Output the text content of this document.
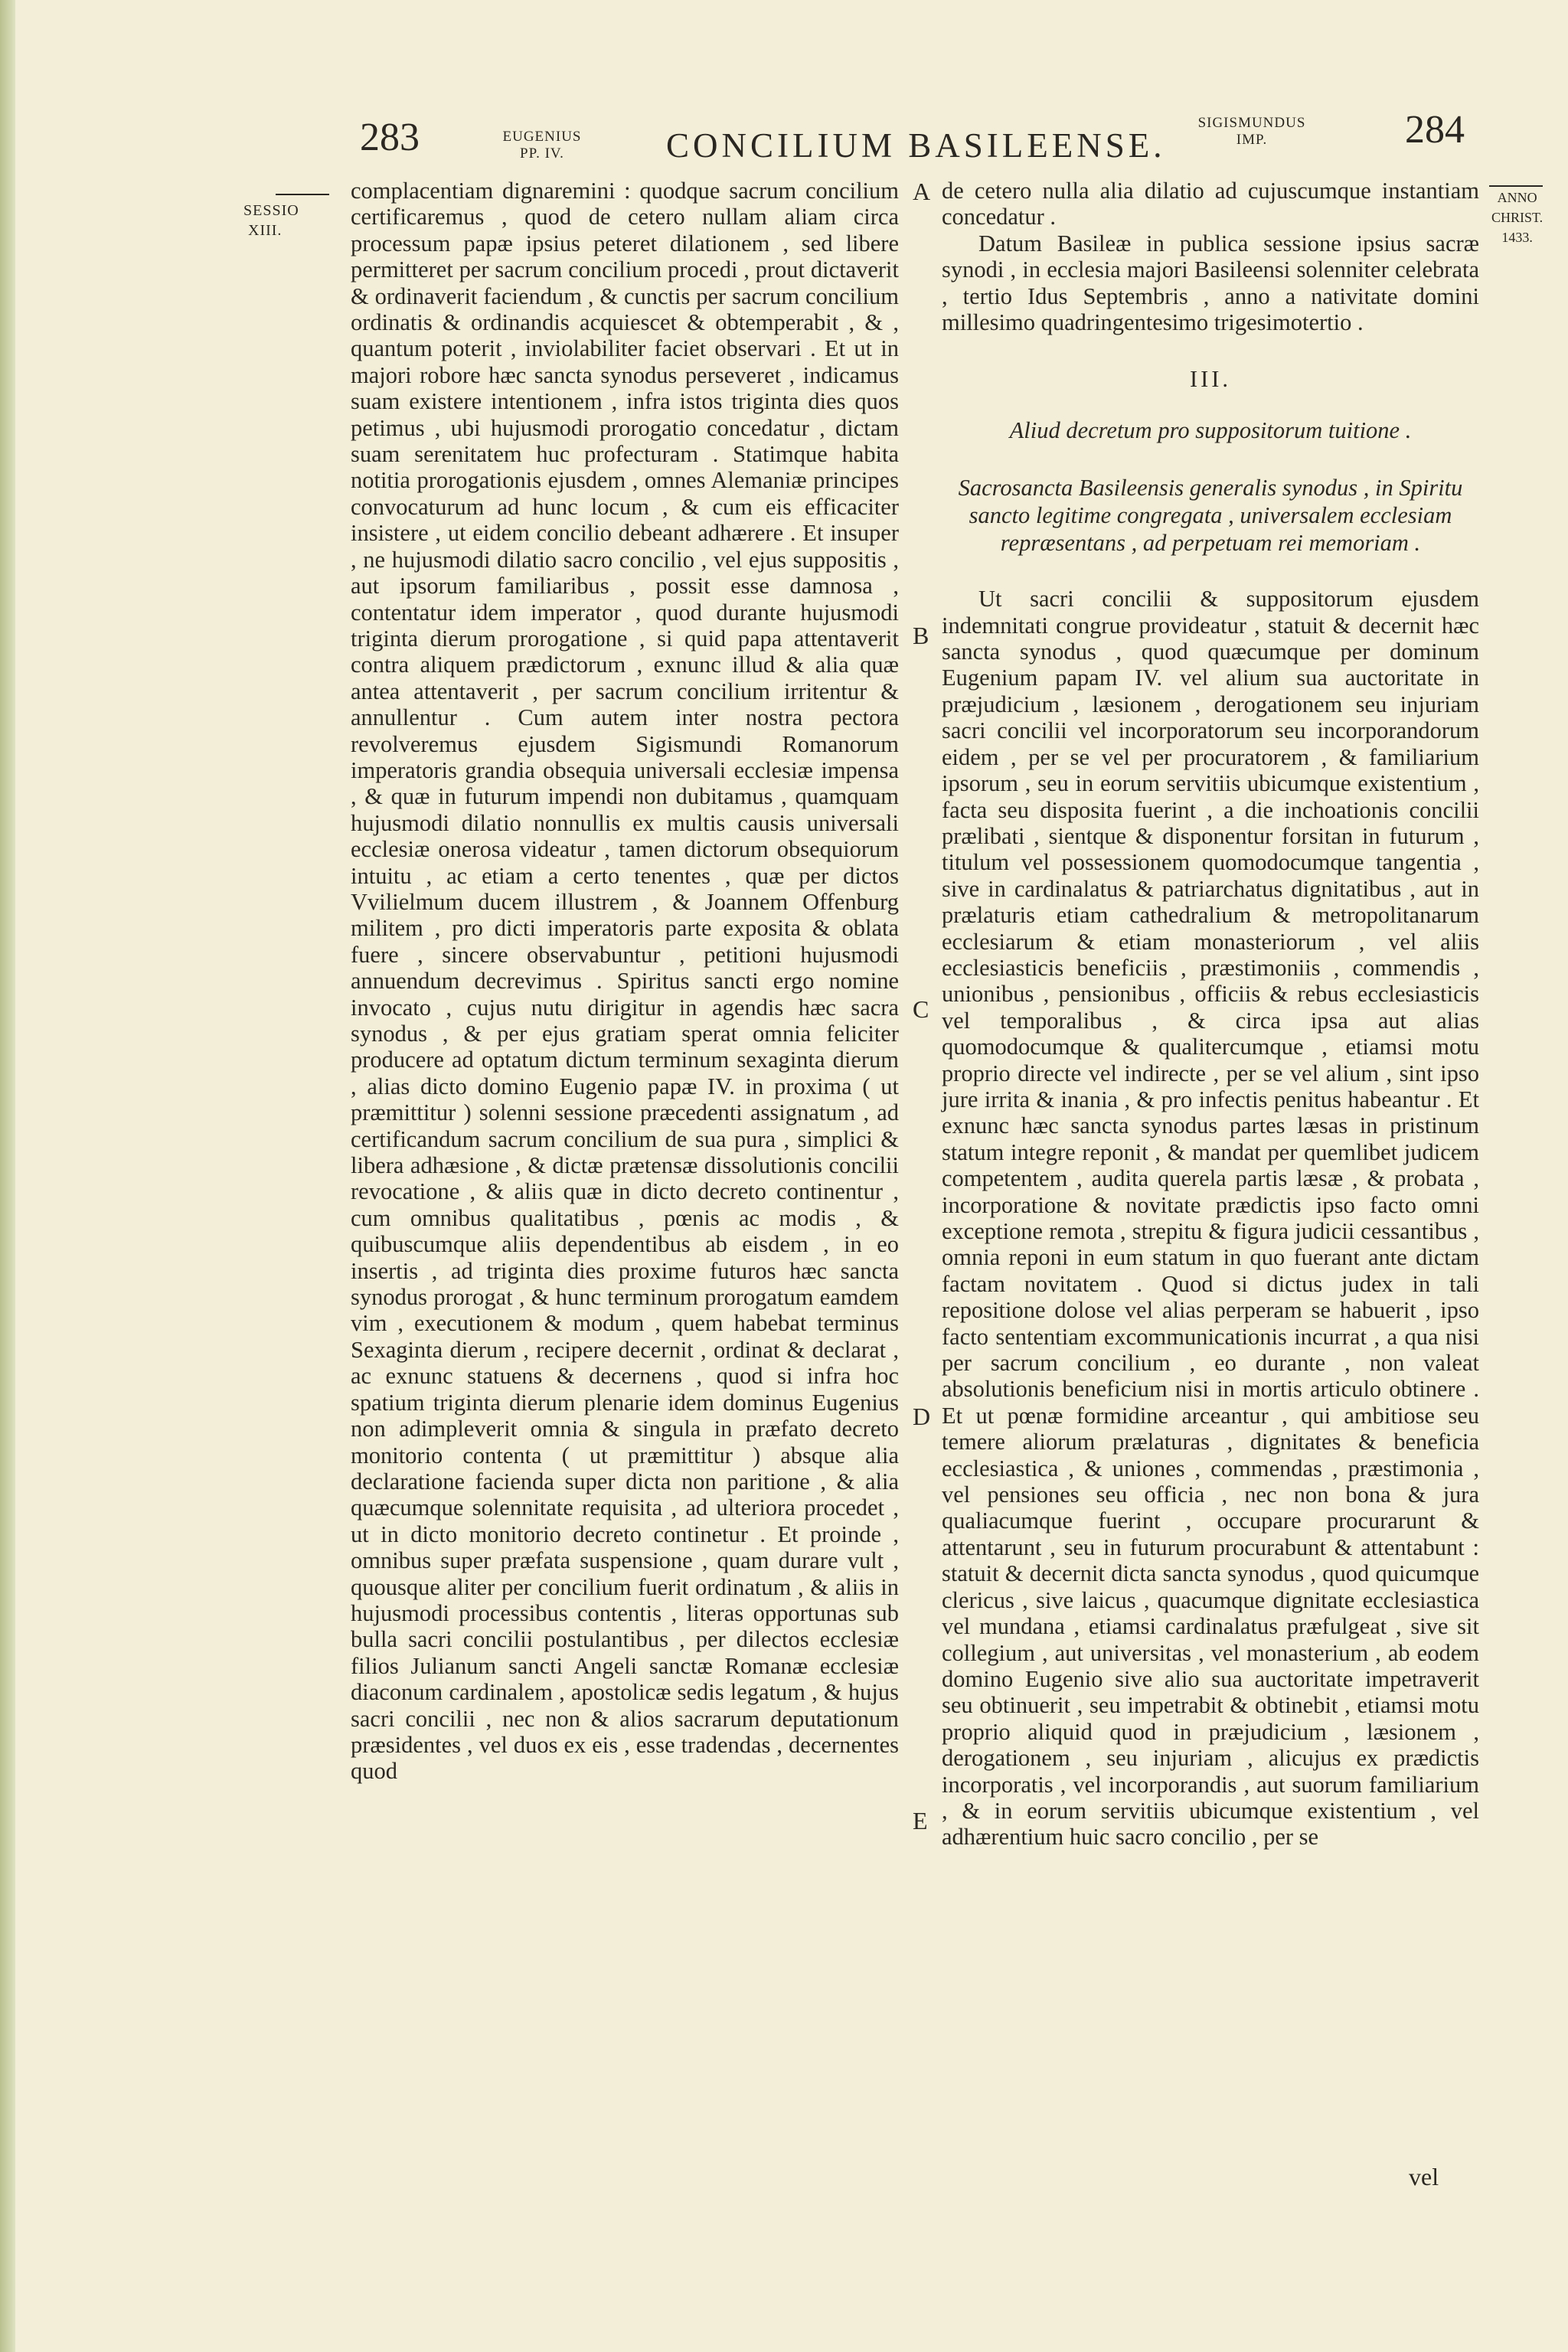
283	EUGENIUS
PP. IV.	CONCILIUM BASILEENSE.
SIGISMUNDUS
IMP.	284
SESSIO
XIII.
ANNO
CHRIST.
1433.

complacentiam dignaremini : quodque sacrum concilium certificaremus , quod de cetero nullam aliam circa processum papæ ipsius peteret dilationem , sed libere permitteret per sacrum concilium procedi , prout dictaverit & ordinaverit faciendum , & cunctis per sacrum concilium ordinatis & ordinandis acquiescet & obtemperabit , & , quantum poterit , inviolabiliter faciet observari . Et ut in majori robore hæc sancta synodus perseveret , indicamus suam existere intentionem , infra istos triginta dies quos petimus , ubi hujusmodi prorogatio concedatur , dictam suam serenitatem huc profecturam . Statimque habita notitia prorogationis ejusdem , omnes Alemaniæ principes convocaturum ad hunc locum , & cum eis efficaciter insistere , ut eidem concilio debeant adhærere . Et insuper , ne hujusmodi dilatio sacro concilio , vel ejus suppositis , aut ipsorum familiaribus , possit esse damnosa , contentatur idem imperator , quod durante hujusmodi triginta dierum prorogatione , si quid papa attentaverit contra aliquem prædictorum , exnunc illud & alia quæ antea attentaverit , per sacrum concilium irritentur & annullentur . Cum autem inter nostra pectora revolveremus ejusdem Sigismundi Romanorum imperatoris grandia obsequia universali ecclesiæ impensa , & quæ in futurum impendi non dubitamus , quamquam hujusmodi dilatio nonnullis ex multis causis universali ecclesiæ onerosa videatur , tamen dictorum obsequiorum intuitu , ac etiam a certo tenentes , quæ per dictos Vvilielmum ducem illustrem , & Joannem Offenburg militem , pro dicti imperatoris parte exposita & oblata fuere , sincere observabuntur , petitioni hujusmodi annuendum decrevimus . Spiritus sancti ergo nomine invocato , cujus nutu dirigitur in agendis hæc sacra synodus , & per ejus gratiam sperat omnia feliciter producere ad optatum dictum terminum sexaginta dierum , alias dicto domino Eugenio papæ IV. in proxima ( ut præmittitur ) solenni sessione præcedenti assignatum , ad certificandum sacrum concilium de sua pura , simplici & libera adhæsione , & dictæ prætensæ dissolutionis concilii revocatione , & aliis quæ in dicto decreto continentur , cum omnibus qualitatibus , pœnis ac modis , & quibuscumque aliis dependentibus ab eisdem , in eo insertis , ad triginta dies proxime futuros hæc sancta synodus prorogat , & hunc terminum prorogatum eamdem vim , executionem & modum , quem habebat terminus Sexaginta dierum , recipere decernit , ordinat & declarat , ac exnunc statuens & decernens , quod si infra hoc spatium triginta dierum plenarie idem dominus Eugenius non adimpleverit omnia & singula in præfato decreto monitorio contenta ( ut præmittitur ) absque alia declaratione facienda super dicta non paritione , & alia quæcumque solennitate requisita , ad ulteriora procedet , ut in dicto monitorio decreto continetur . Et proinde , omnibus super præfata suspensione , quam durare vult , quousque aliter per concilium fuerit ordinatum , & aliis in hujusmodi processibus contentis , literas opportunas sub bulla sacri concilii postulantibus , per dilectos ecclesiæ filios Julianum sancti Angeli sanctæ Romanæ ecclesiæ diaconum cardinalem , apostolicæ sedis legatum , & hujus sacri concilii , nec non & alios sacrarum deputationum præsidentes , vel duos ex eis , esse tradendas , decernentes quod

A
B
C
D
E

de cetero nulla alia dilatio ad cujuscumque instantiam concedatur .

Datum Basileæ in publica sessione ipsius sacræ synodi , in ecclesia majori Basileensi solenniter celebrata , tertio Idus Septembris , anno a nativitate domini millesimo quadringentesimo trigesimotertio .

III.

Aliud decretum pro suppositorum tuitione .

Sacrosancta Basileensis generalis synodus , in Spiritu sancto legitime congregata , universalem ecclesiam repræsentans , ad perpetuam rei memoriam .

Ut sacri concilii & suppositorum ejusdem indemnitati congrue provideatur , statuit & decernit hæc sancta synodus , quod quæcumque per dominum Eugenium papam IV. vel alium sua auctoritate in præjudicium , læsionem , derogationem seu injuriam sacri concilii vel incorporatorum seu incorporandorum eidem , per se vel per procuratorem , & familiarium ipsorum , seu in eorum servitiis ubicumque existentium , facta seu disposita fuerint , a die inchoationis concilii prælibati , sientque & disponentur forsitan in futurum , titulum vel possessionem quomodocumque tangentia , sive in cardinalatus & patriarchatus dignitatibus , aut in prælaturis etiam cathedralium & metropolitanarum ecclesiarum & etiam monasteriorum , vel aliis ecclesiasticis beneficiis , præstimoniis , commendis , unionibus , pensionibus , officiis & rebus ecclesiasticis vel temporalibus , & circa ipsa aut alias quomodocumque & qualitercumque , etiamsi motu proprio directe vel indirecte , per se vel alium , sint ipso jure irrita & inania , & pro infectis penitus habeantur . Et exnunc hæc sancta synodus partes læsas in pristinum statum integre reponit , & mandat per quemlibet judicem competentem , audita querela partis læsæ , & probata , incorporatione & novitate prædictis ipso facto omni exceptione remota , strepitu & figura judicii cessantibus , omnia reponi in eum statum in quo fuerant ante dictam factam novitatem . Quod si dictus judex in tali repositione dolose vel alias perperam se habuerit , ipso facto sententiam excommunicationis incurrat , a qua nisi per sacrum concilium , eo durante , non valeat absolutionis beneficium nisi in mortis articulo obtinere . Et ut pœnæ formidine arceantur , qui ambitiose seu temere aliorum prælaturas , dignitates & beneficia ecclesiastica , & uniones , commendas , præstimonia , vel pensiones seu officia , nec non bona & jura qualiacumque fuerint , occupare procurarunt & attentarunt , seu in futurum procurabunt & attentabunt : statuit & decernit dicta sancta synodus , quod quicumque clericus , sive laicus , quacumque dignitate ecclesiastica vel mundana , etiamsi cardinalatus præfulgeat , sive sit collegium , aut universitas , vel monasterium , ab eodem domino Eugenio sive alio sua auctoritate impetraverit seu obtinuerit , seu impetrabit & obtinebit , etiamsi motu proprio aliquid quod in præjudicium , læsionem , derogationem , seu injuriam , alicujus ex prædictis incorporatis , vel incorporandis , aut suorum familiarium , & in eorum servitiis ubicumque existentium , vel adhærentium huic sacro concilio , per se

vel
